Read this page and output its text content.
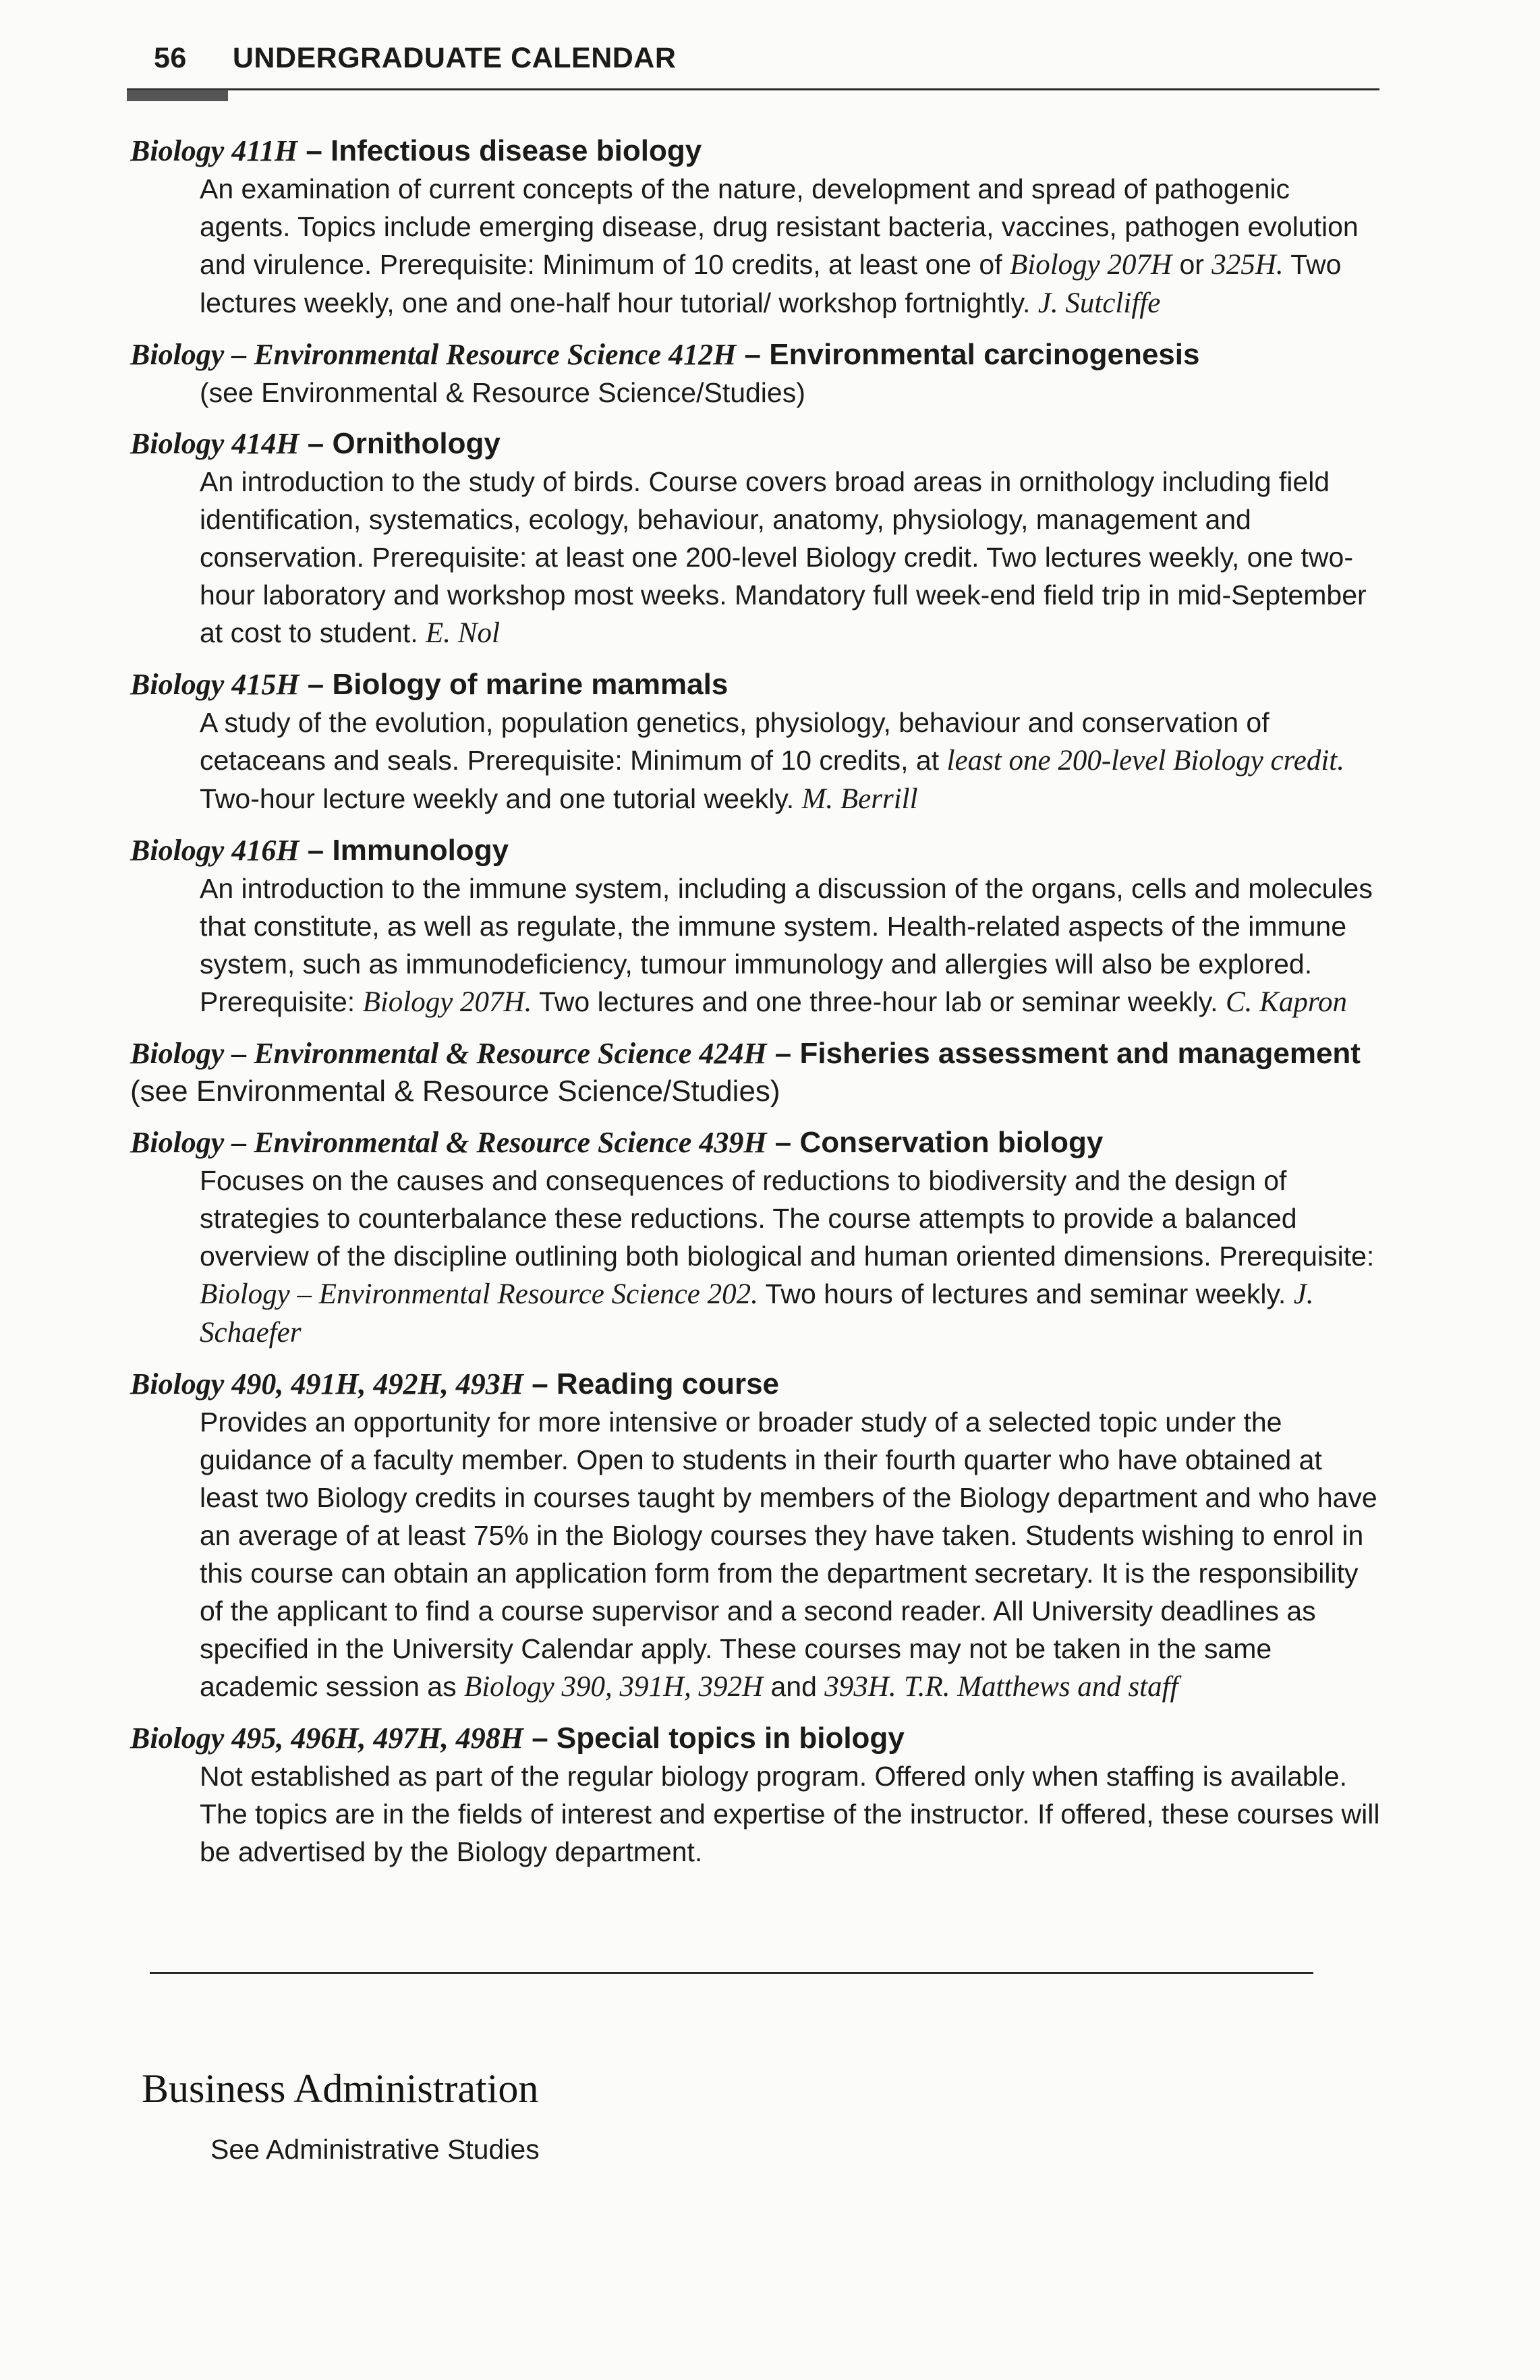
56 UNDERGRADUATE CALENDAR
Biology 411H – Infectious disease biology
An examination of current concepts of the nature, development and spread of pathogenic agents. Topics include emerging disease, drug resistant bacteria, vaccines, pathogen evolution and virulence. Prerequisite: Minimum of 10 credits, at least one of Biology 207H or 325H. Two lectures weekly, one and one-half hour tutorial/ workshop fortnightly. J. Sutcliffe
Biology – Environmental Resource Science 412H – Environmental carcinogenesis
(see Environmental & Resource Science/Studies)
Biology 414H – Ornithology
An introduction to the study of birds. Course covers broad areas in ornithology including field identification, systematics, ecology, behaviour, anatomy, physiology, management and conservation. Prerequisite: at least one 200-level Biology credit. Two lectures weekly, one two-hour laboratory and workshop most weeks. Mandatory full week-end field trip in mid-September at cost to student. E. Nol
Biology 415H – Biology of marine mammals
A study of the evolution, population genetics, physiology, behaviour and conservation of cetaceans and seals. Prerequisite: Minimum of 10 credits, at least one 200-level Biology credit. Two-hour lecture weekly and one tutorial weekly. M. Berrill
Biology 416H – Immunology
An introduction to the immune system, including a discussion of the organs, cells and molecules that constitute, as well as regulate, the immune system. Health-related aspects of the immune system, such as immunodeficiency, tumour immunology and allergies will also be explored. Prerequisite: Biology 207H. Two lectures and one three-hour lab or seminar weekly. C. Kapron
Biology – Environmental & Resource Science 424H – Fisheries assessment and management (see Environmental & Resource Science/Studies)
Biology – Environmental & Resource Science 439H – Conservation biology
Focuses on the causes and consequences of reductions to biodiversity and the design of strategies to counterbalance these reductions. The course attempts to provide a balanced overview of the discipline outlining both biological and human oriented dimensions. Prerequisite: Biology – Environmental Resource Science 202. Two hours of lectures and seminar weekly. J. Schaefer
Biology 490, 491H, 492H, 493H – Reading course
Provides an opportunity for more intensive or broader study of a selected topic under the guidance of a faculty member. Open to students in their fourth quarter who have obtained at least two Biology credits in courses taught by members of the Biology department and who have an average of at least 75% in the Biology courses they have taken. Students wishing to enrol in this course can obtain an application form from the department secretary. It is the responsibility of the applicant to find a course supervisor and a second reader. All University deadlines as specified in the University Calendar apply. These courses may not be taken in the same academic session as Biology 390, 391H, 392H and 393H. T.R. Matthews and staff
Biology 495, 496H, 497H, 498H – Special topics in biology
Not established as part of the regular biology program. Offered only when staffing is available. The topics are in the fields of interest and expertise of the instructor. If offered, these courses will be advertised by the Biology department.
Business Administration
See Administrative Studies
